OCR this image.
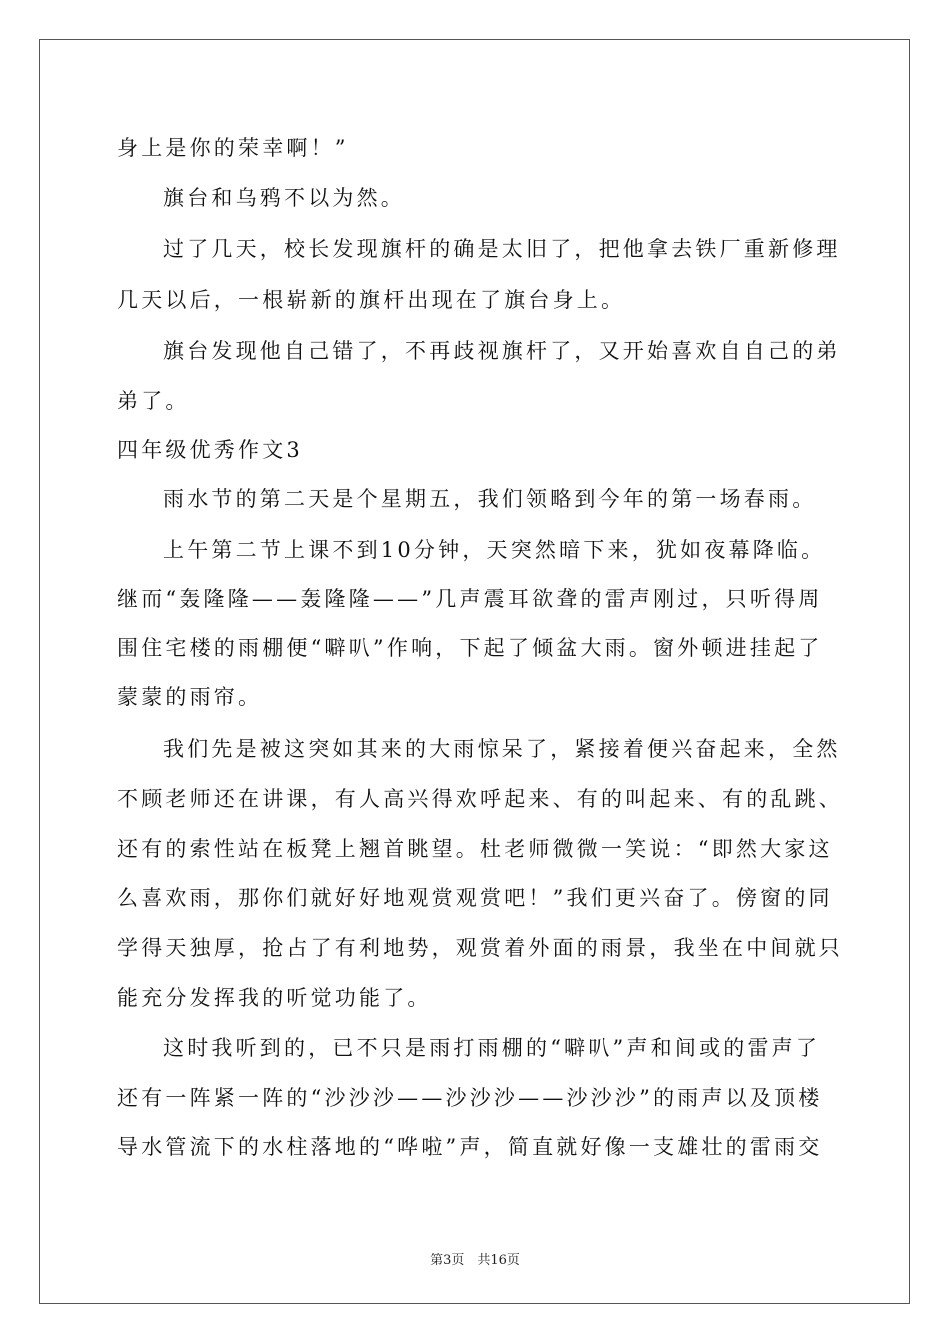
身上是你的荣幸啊！”
旗台和乌鸦不以为然。
过了几天，校长发现旗杆的确是太旧了，把他拿去铁厂重新修理
几天以后，一根崭新的旗杆出现在了旗台身上。
旗台发现他自己错了，不再歧视旗杆了，又开始喜欢自自己的弟
弟了。
四年级优秀作文3
雨水节的第二天是个星期五，我们领略到今年的第一场春雨。
上午第二节上课不到10分钟，天突然暗下来，犹如夜幕降临。
继而“轰隆隆——轰隆隆——”几声震耳欲聋的雷声刚过，只听得周
围住宅楼的雨棚便“噼叭”作响，下起了倾盆大雨。窗外顿进挂起了
蒙蒙的雨帘。
我们先是被这突如其来的大雨惊呆了，紧接着便兴奋起来，全然
不顾老师还在讲课，有人高兴得欢呼起来、有的叫起来、有的乱跳、
还有的索性站在板凳上翘首眺望。杜老师微微一笑说：“即然大家这
么喜欢雨，那你们就好好地观赏观赏吧！”我们更兴奋了。傍窗的同
学得天独厚，抢占了有利地势，观赏着外面的雨景，我坐在中间就只
能充分发挥我的听觉功能了。
这时我听到的，已不只是雨打雨棚的“噼叭”声和间或的雷声了
还有一阵紧一阵的“沙沙沙——沙沙沙——沙沙沙”的雨声以及顶楼
导水管流下的水柱落地的“哗啦”声，简直就好像一支雄壮的雷雨交
第3页　共16页
